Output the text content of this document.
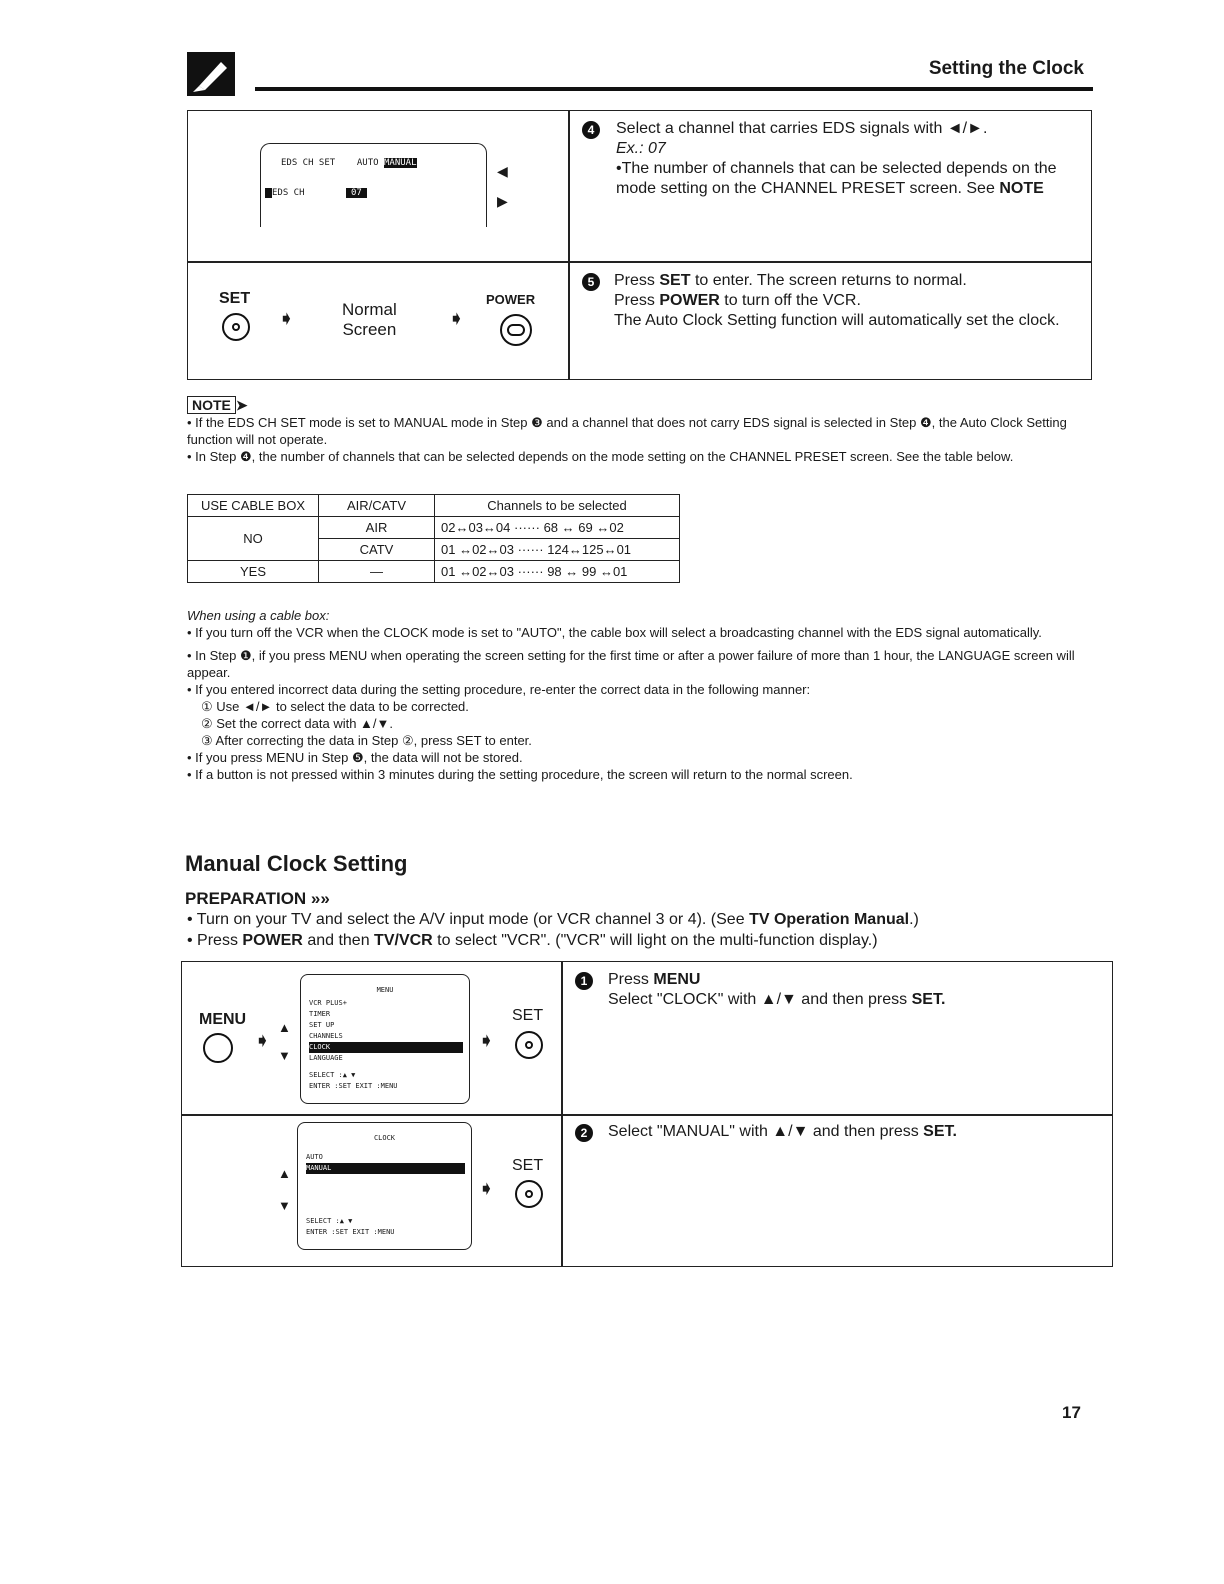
Setting the Clock
EDS CH SET AUTO MANUAL
EDS CH	07
◀
▶
4	Select a channel that carries EDS signals with ◄/►.
Ex.: 07
•The number of channels that can be selected depends on the mode setting on the CHANNEL PRESET screen. See NOTE
SET
➧	Normal
Screen	➧
POWER
5	Press SET to enter. The screen returns to normal.
Press POWER to turn off the VCR.
The Auto Clock Setting function will automatically set the clock.
NOTE ➤
• If the EDS CH SET mode is set to MANUAL mode in Step ❸ and a channel that does not carry EDS signal is selected in Step ❹, the Auto Clock Setting function will not operate.
• In Step ❹, the number of channels that can be selected depends on the mode setting on the CHANNEL PRESET screen. See the table below.
USE CABLE BOX	AIR/CATV	Channels to be selected
NO	AIR	02↔03↔04 ······ 68 ↔ 69 ↔02
	CATV	01 ↔02↔03 ······ 124↔125↔01
YES	—	01 ↔02↔03 ······ 98 ↔ 99 ↔01
When using a cable box:
• If you turn off the VCR when the CLOCK mode is set to "AUTO", the cable box will select a broadcasting channel with the EDS signal automatically.
• In Step ❶, if you press MENU when operating the screen setting for the first time or after a power failure of more than 1 hour, the LANGUAGE screen will appear.
• If you entered incorrect data during the setting procedure, re-enter the correct data in the following manner:
① Use ◄/► to select the data to be corrected.
② Set the correct data with ▲/▼.
③ After correcting the data in Step ②, press SET to enter.
• If you press MENU in Step ❺, the data will not be stored.
• If a button is not pressed within 3 minutes during the setting procedure, the screen will return to the normal screen.
Manual Clock Setting
PREPARATION »»
• Turn on your TV and select the A/V input mode (or VCR channel 3 or 4). (See TV Operation Manual.)
• Press POWER and then TV/VCR to select "VCR". ("VCR" will light on the multi-function display.)
MENU
➧
▲
▼
MENU
VCR PLUS+
TIMER
SET UP
CHANNELS
CLOCK
LANGUAGE
SELECT :▲ ▼
ENTER :SET EXIT :MENU
➧
SET
1	Press MENU
Select "CLOCK" with ▲/▼ and then press SET.
▲
▼
CLOCK
AUTO
MANUAL
SELECT :▲ ▼
ENTER :SET EXIT :MENU
➧
SET
2	Select "MANUAL" with ▲/▼ and then press SET.
17
